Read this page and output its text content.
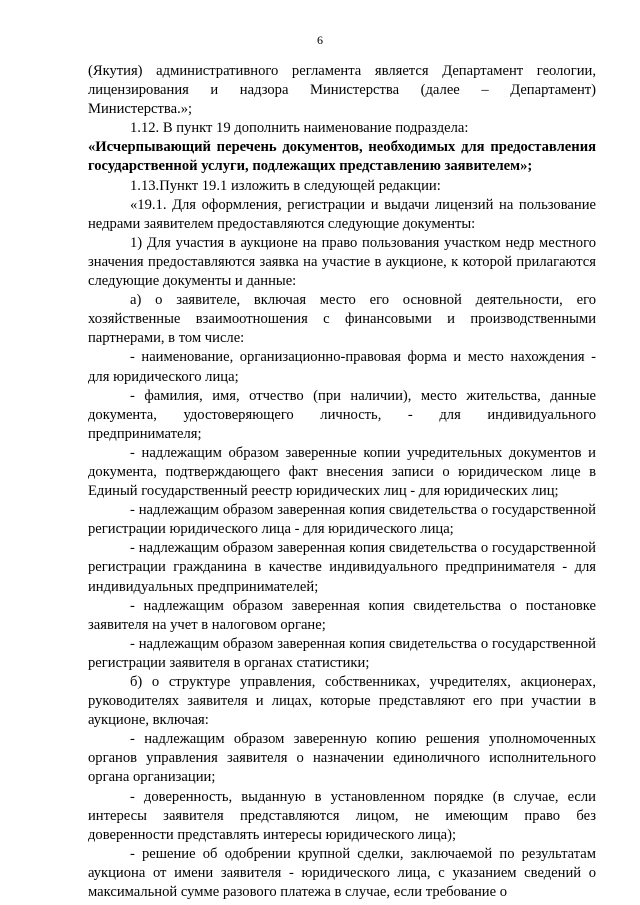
6

(Якутия) административного регламента является Департамент геологии, лицензирования и надзора Министерства (далее – Департамент) Министерства.»;

1.12. В пункт 19 дополнить наименование подраздела:

«Исчерпывающий перечень документов, необходимых для предоставления государственной услуги, подлежащих представлению заявителем»;

1.13.Пункт 19.1 изложить в следующей редакции:

«19.1. Для оформления, регистрации и выдачи лицензий на пользование недрами заявителем предоставляются следующие документы:

1) Для участия в аукционе на право пользования участком недр местного значения предоставляются заявка на участие в аукционе, к которой прилагаются следующие документы и данные:

а) о заявителе, включая место его основной деятельности, его хозяйственные взаимоотношения с финансовыми и производственными партнерами, в том числе:

- наименование, организационно-правовая форма и место нахождения - для юридического лица;

- фамилия, имя, отчество (при наличии), место жительства, данные документа, удостоверяющего личность, - для индивидуального предпринимателя;

- надлежащим образом заверенные копии учредительных документов и документа, подтверждающего факт внесения записи о юридическом лице в Единый государственный реестр юридических лиц - для юридических лиц;

- надлежащим образом заверенная копия свидетельства о государственной регистрации юридического лица - для юридического лица;

- надлежащим образом заверенная копия свидетельства о государственной регистрации гражданина в качестве индивидуального предпринимателя - для индивидуальных предпринимателей;

- надлежащим образом заверенная копия свидетельства о постановке заявителя на учет в налоговом органе;

- надлежащим образом заверенная копия свидетельства о государственной регистрации заявителя в органах статистики;

б) о структуре управления, собственниках, учредителях, акционерах, руководителях заявителя и лицах, которые представляют его при участии в аукционе, включая:

- надлежащим образом заверенную копию решения уполномоченных органов управления заявителя о назначении единоличного исполнительного органа организации;

- доверенность, выданную в установленном порядке (в случае, если интересы заявителя представляются лицом, не имеющим право без доверенности представлять интересы юридического лица);

- решение об одобрении крупной сделки, заключаемой по результатам аукциона от имени заявителя - юридического лица, с указанием сведений о максимальной сумме разового платежа в случае, если требование о
